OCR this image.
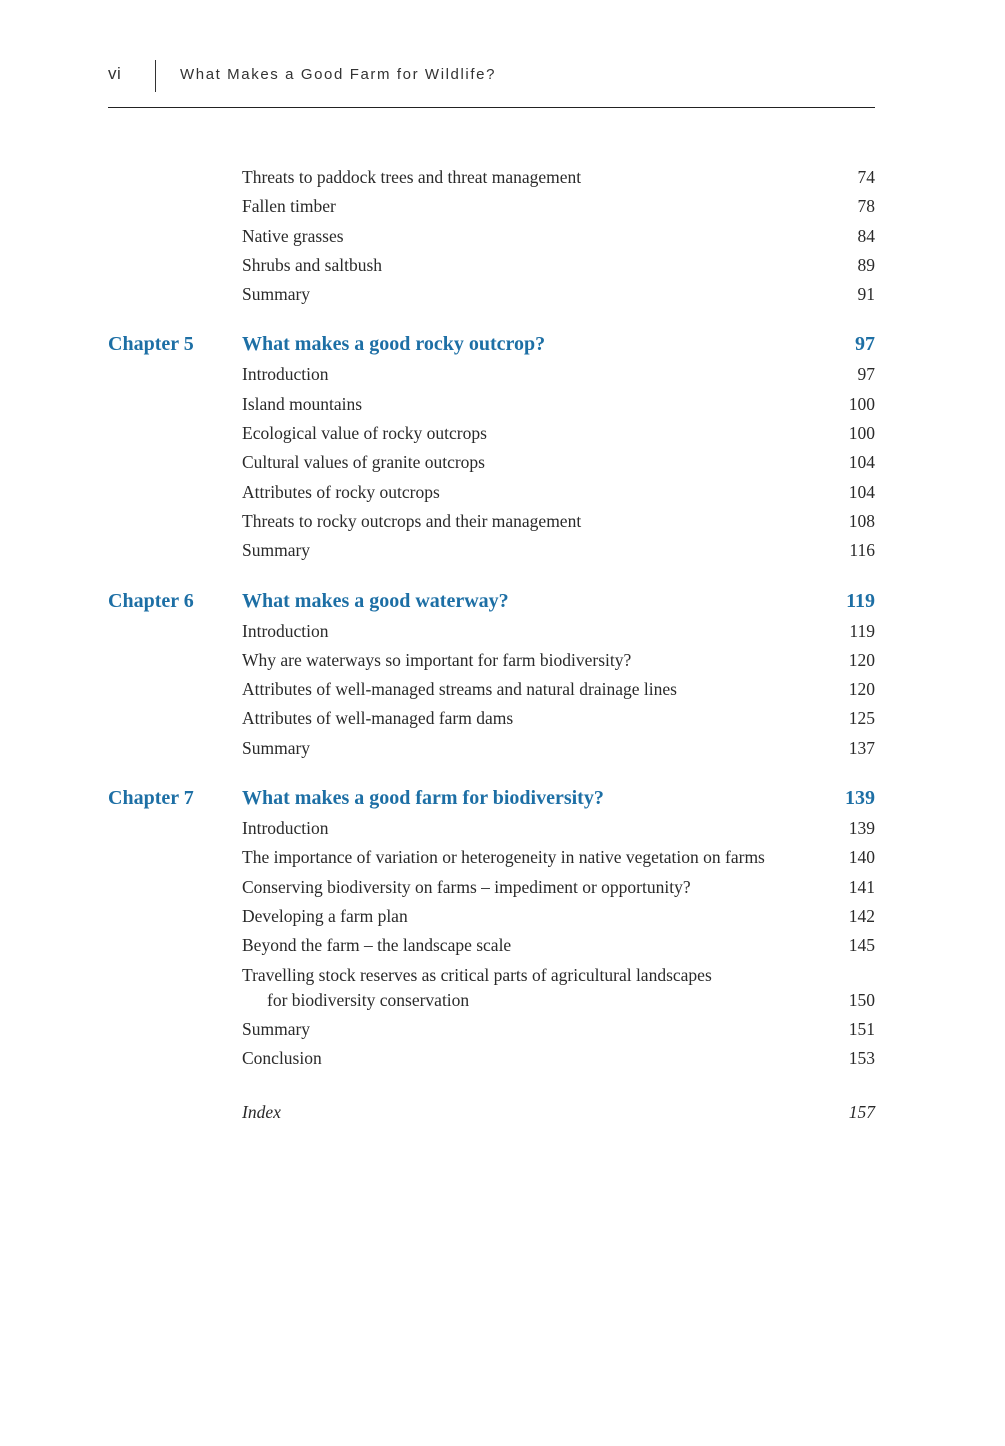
vi	What Makes a Good Farm for Wildlife?
Threats to paddock trees and threat management	74
Fallen timber	78
Native grasses	84
Shrubs and saltbush	89
Summary	91
Chapter 5 What makes a good rocky outcrop?	97
Introduction	97
Island mountains	100
Ecological value of rocky outcrops	100
Cultural values of granite outcrops	104
Attributes of rocky outcrops	104
Threats to rocky outcrops and their management	108
Summary	116
Chapter 6 What makes a good waterway?	119
Introduction	119
Why are waterways so important for farm biodiversity?	120
Attributes of well-managed streams and natural drainage lines	120
Attributes of well-managed farm dams	125
Summary	137
Chapter 7 What makes a good farm for biodiversity?	139
Introduction	139
The importance of variation or heterogeneity in native vegetation on farms	140
Conserving biodiversity on farms – impediment or opportunity?	141
Developing a farm plan	142
Beyond the farm – the landscape scale	145
Travelling stock reserves as critical parts of agricultural landscapes
for biodiversity conservation	150
Summary	151
Conclusion	153
Index	157
